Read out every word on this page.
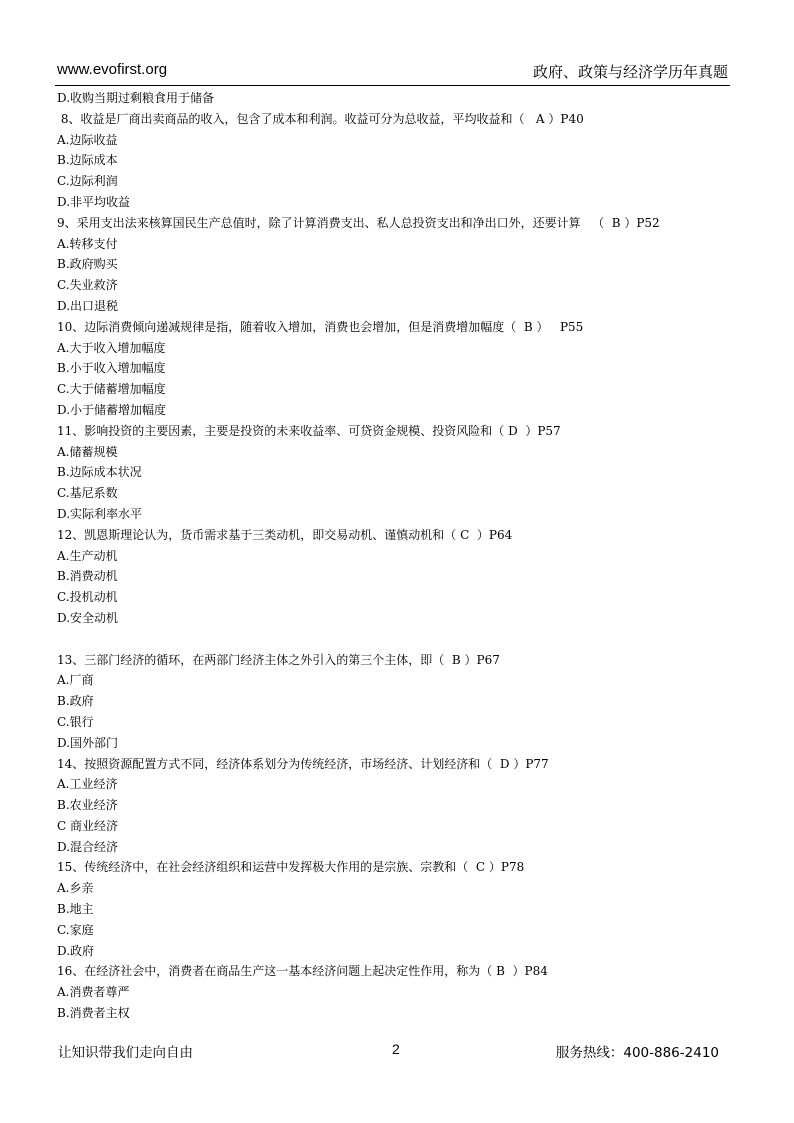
www.evofirst.org	政府、政策与经济学历年真题
D.收购当期过剩粮食用于储备
8、收益是厂商出卖商品的收入，包含了成本和利润。收益可分为总收益，平均收益和（   A ）P40
A.边际收益
B.边际成本
C.边际利润
D.非平均收益
9、采用支出法来核算国民生产总值时，除了计算消费支出、私人总投资支出和净出口外，还要计算   （  B ）P52
A.转移支付
B.政府购买
C.失业救济
D.出口退税
10、边际消费倾向递减规律是指，随着收入增加，消费也会增加，但是消费增加幅度（  B ）   P55
A.大于收入增加幅度
B.小于收入增加幅度
C.大于储蓄增加幅度
D.小于储蓄增加幅度
11、影响投资的主要因素，主要是投资的未来收益率、可贷资金规模、投资风险和（ D  ）P57
A.储蓄规模
B.边际成本状况
C.基尼系数
D.实际利率水平
12、凯恩斯理论认为，货币需求基于三类动机，即交易动机、谨慎动机和（ C  ）P64
A.生产动机
B.消费动机
C.投机动机
D.安全动机
13、三部门经济的循环，在两部门经济主体之外引入的第三个主体，即（  B ）P67
A.厂商
B.政府
C.银行
D.国外部门
14、按照资源配置方式不同，经济体系划分为传统经济，市场经济、计划经济和（  D ）P77
A.工业经济
B.农业经济
C 商业经济
D.混合经济
15、传统经济中，在社会经济组织和运营中发挥极大作用的是宗族、宗教和（  C ）P78
A.乡亲
B.地主
C.家庭
D.政府
16、在经济社会中，消费者在商品生产这一基本经济问题上起决定性作用，称为（ B  ）P84
A.消费者尊严
B.消费者主权
让知识带我们走向自由	2	服务热线：400-886-2410
